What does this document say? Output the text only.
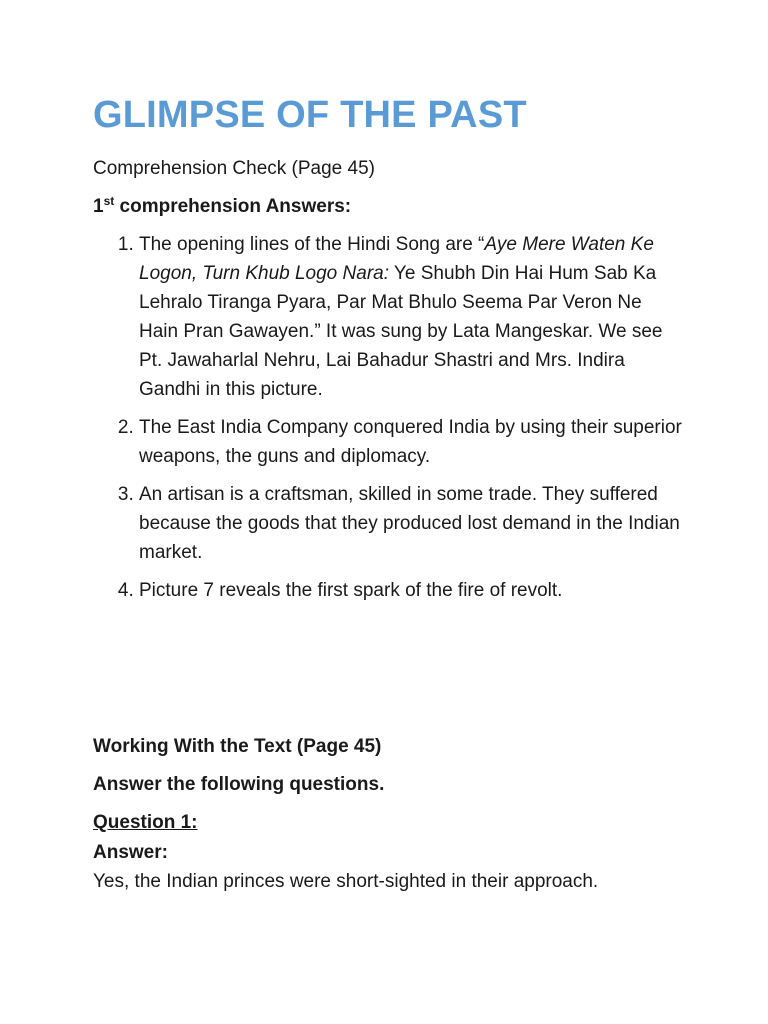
GLIMPSE OF THE PAST

Comprehension Check (Page 45)

1st comprehension Answers:

1. The opening lines of the Hindi Song are “Aye Mere Waten Ke Logon, Turn Khub Logo Nara: Ye Shubh Din Hai Hum Sab Ka Lehralo Tiranga Pyara, Par Mat Bhulo Seema Par Veron Ne Hain Pran Gawayen.” It was sung by Lata Mangeskar. We see Pt. Jawaharlal Nehru, Lai Bahadur Shastri and Mrs. Indira Gandhi in this picture.
2. The East India Company conquered India by using their superior weapons, the guns and diplomacy.
3. An artisan is a craftsman, skilled in some trade. They suffered because the goods that they produced lost demand in the Indian market.
4. Picture 7 reveals the first spark of the fire of revolt.

Working With the Text (Page 45)

Answer the following questions.

Question 1:

Answer:

Yes, the Indian princes were short-sighted in their approach.
